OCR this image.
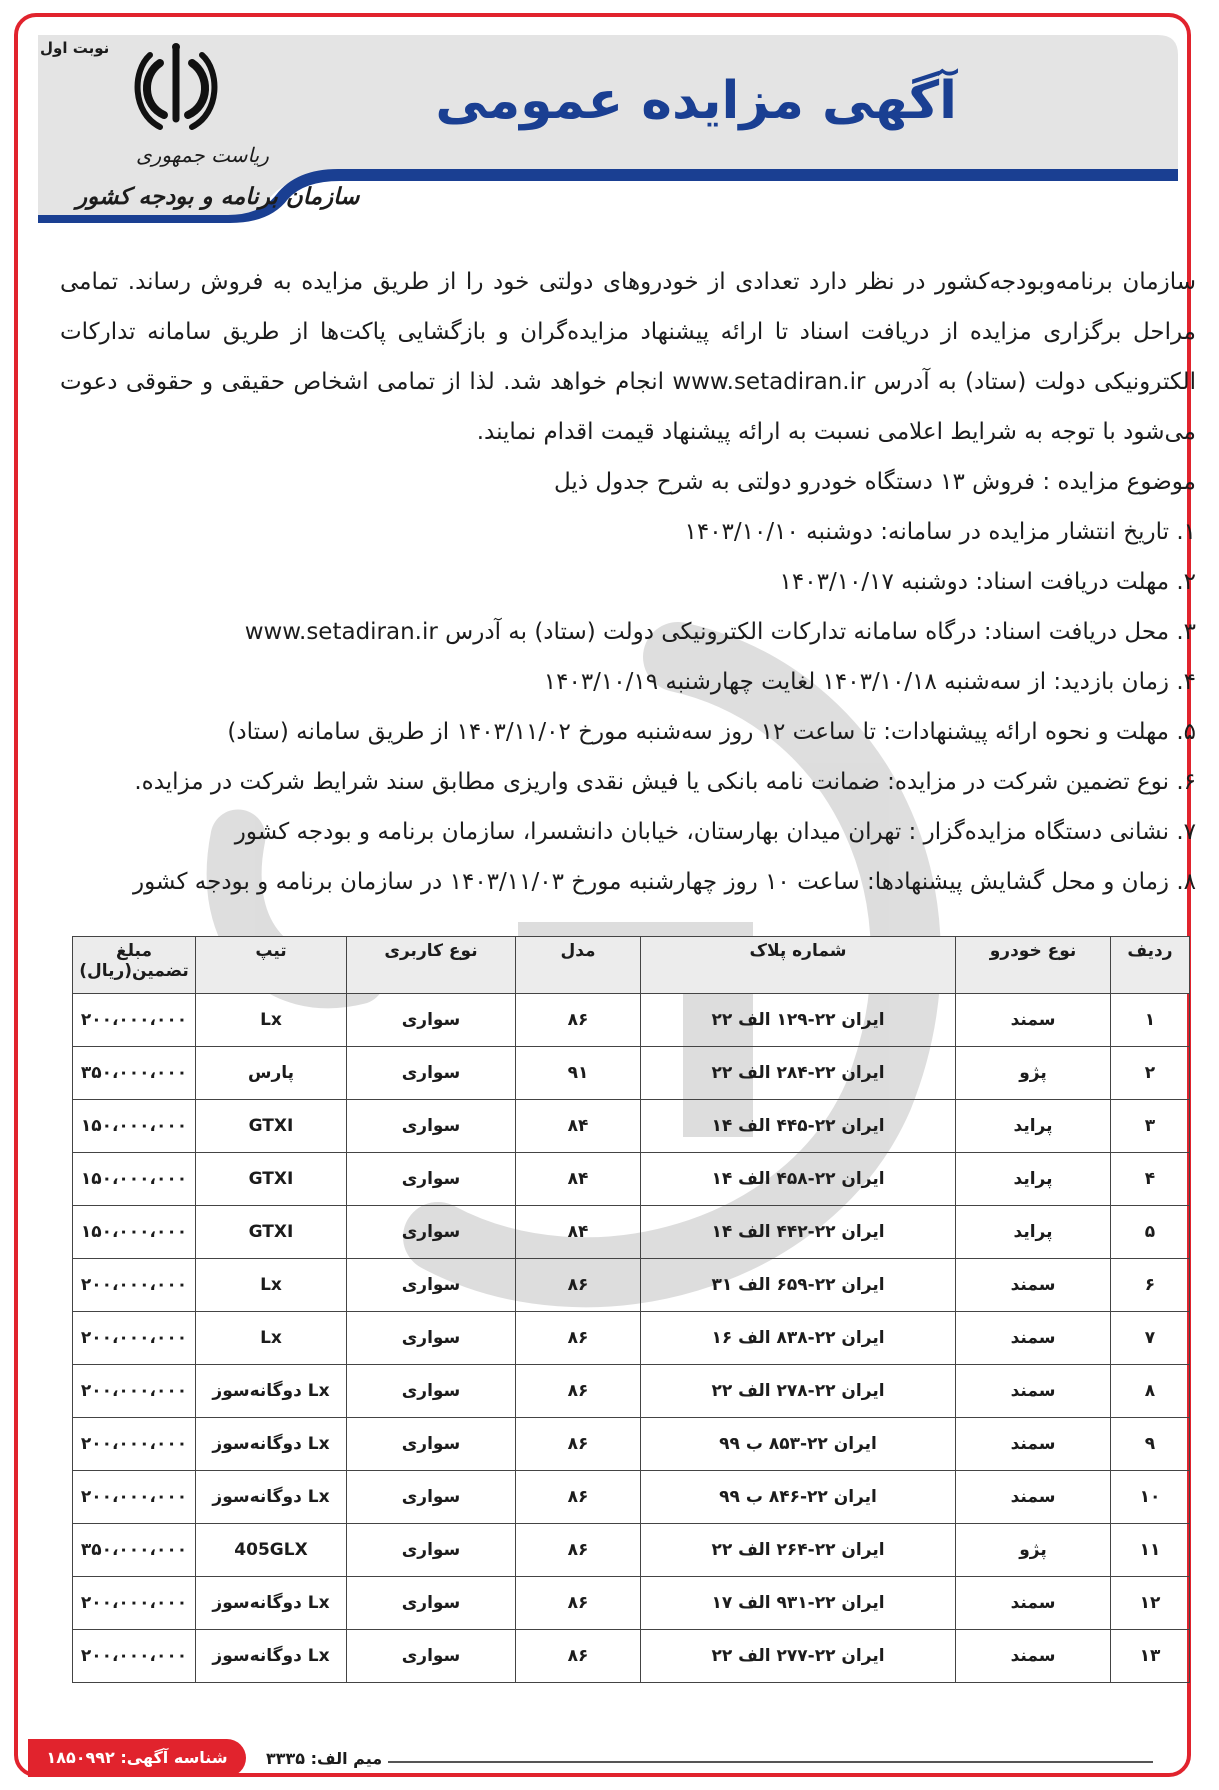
نوبت اول
ریاست جمهوری
سازمان برنامه و بودجه کشور
آگهی مزایده عمومی

سازمان برنامه‌وبودجه‌کشور در نظر دارد تعدادی از خودروهای دولتی خود را از طریق مزایده به فروش رساند. تمامی مراحل برگزاری مزایده از دریافت اسناد تا ارائه پیشنهاد مزایده‌گران و بازگشایی پاکت‌ها از طریق سامانه تدارکات الکترونیکی دولت (ستاد) به آدرس www.setadiran.ir انجام خواهد شد. لذا از تمامی اشخاص حقیقی و حقوقی دعوت می‌شود با توجه به شرایط اعلامی نسبت به ارائه پیشنهاد قیمت اقدام نمایند.

موضوع مزایده : فروش ۱۳ دستگاه خودرو دولتی به شرح جدول ذیل

۱. تاریخ انتشار مزایده در سامانه: دوشنبه ۱۴۰۳/۱۰/۱۰
۲. مهلت دریافت اسناد: دوشنبه ۱۴۰۳/۱۰/۱۷
۳. محل دریافت اسناد: درگاه سامانه تدارکات الکترونیکی دولت (ستاد) به آدرس www.setadiran.ir
۴. زمان بازدید: از سه‌شنبه ۱۴۰۳/۱۰/۱۸ لغایت چهارشنبه ۱۴۰۳/۱۰/۱۹
۵. مهلت و نحوه ارائه پیشنهادات: تا ساعت ۱۲ روز سه‌شنبه مورخ ۱۴۰۳/۱۱/۰۲ از طریق سامانه (ستاد)
۶. نوع تضمین شرکت در مزایده: ضمانت نامه بانکی یا فیش نقدی واریزی مطابق سند شرایط شرکت در مزایده.
۷. نشانی دستگاه مزایده‌گزار : تهران میدان بهارستان، خیابان دانشسرا، سازمان برنامه و بودجه کشور
۸. زمان و محل گشایش پیشنهادها: ساعت ۱۰ روز چهارشنبه مورخ ۱۴۰۳/۱۱/۰۳ در سازمان برنامه و بودجه کشور
ردیف	نوع خودرو	شماره پلاک	مدل	نوع کاربری	تیپ	مبلغ تضمین(ریال)
۱	سمند	ایران ۲۲-۱۲۹ الف ۲۲	۸۶	سواری	Lx	۲۰۰،۰۰۰،۰۰۰
۲	پژو	ایران ۲۲-۲۸۴ الف ۲۲	۹۱	سواری	پارس	۳۵۰،۰۰۰،۰۰۰
۳	پراید	ایران ۲۲-۴۴۵ الف ۱۴	۸۴	سواری	GTXI	۱۵۰،۰۰۰،۰۰۰
۴	پراید	ایران ۲۲-۴۵۸ الف ۱۴	۸۴	سواری	GTXI	۱۵۰،۰۰۰،۰۰۰
۵	پراید	ایران ۲۲-۴۴۲ الف ۱۴	۸۴	سواری	GTXI	۱۵۰،۰۰۰،۰۰۰
۶	سمند	ایران ۲۲-۶۵۹ الف ۳۱	۸۶	سواری	Lx	۲۰۰،۰۰۰،۰۰۰
۷	سمند	ایران ۲۲-۸۳۸ الف ۱۶	۸۶	سواری	Lx	۲۰۰،۰۰۰،۰۰۰
۸	سمند	ایران ۲۲-۲۷۸ الف ۲۲	۸۶	سواری	Lx دوگانه‌سوز	۲۰۰،۰۰۰،۰۰۰
۹	سمند	ایران ۲۲-۸۵۳ ب ۹۹	۸۶	سواری	Lx دوگانه‌سوز	۲۰۰،۰۰۰،۰۰۰
۱۰	سمند	ایران ۲۲-۸۴۶ ب ۹۹	۸۶	سواری	Lx دوگانه‌سوز	۲۰۰،۰۰۰،۰۰۰
۱۱	پژو	ایران ۲۲-۲۶۴ الف ۲۲	۸۶	سواری	405GLX	۳۵۰،۰۰۰،۰۰۰
۱۲	سمند	ایران ۲۲-۹۳۱ الف ۱۷	۸۶	سواری	Lx دوگانه‌سوز	۲۰۰،۰۰۰،۰۰۰
۱۳	سمند	ایران ۲۲-۲۷۷ الف ۲۲	۸۶	سواری	Lx دوگانه‌سوز	۲۰۰،۰۰۰،۰۰۰
میم الف: ۳۳۳۵
شناسه آگهی: ۱۸۵۰۹۹۲
